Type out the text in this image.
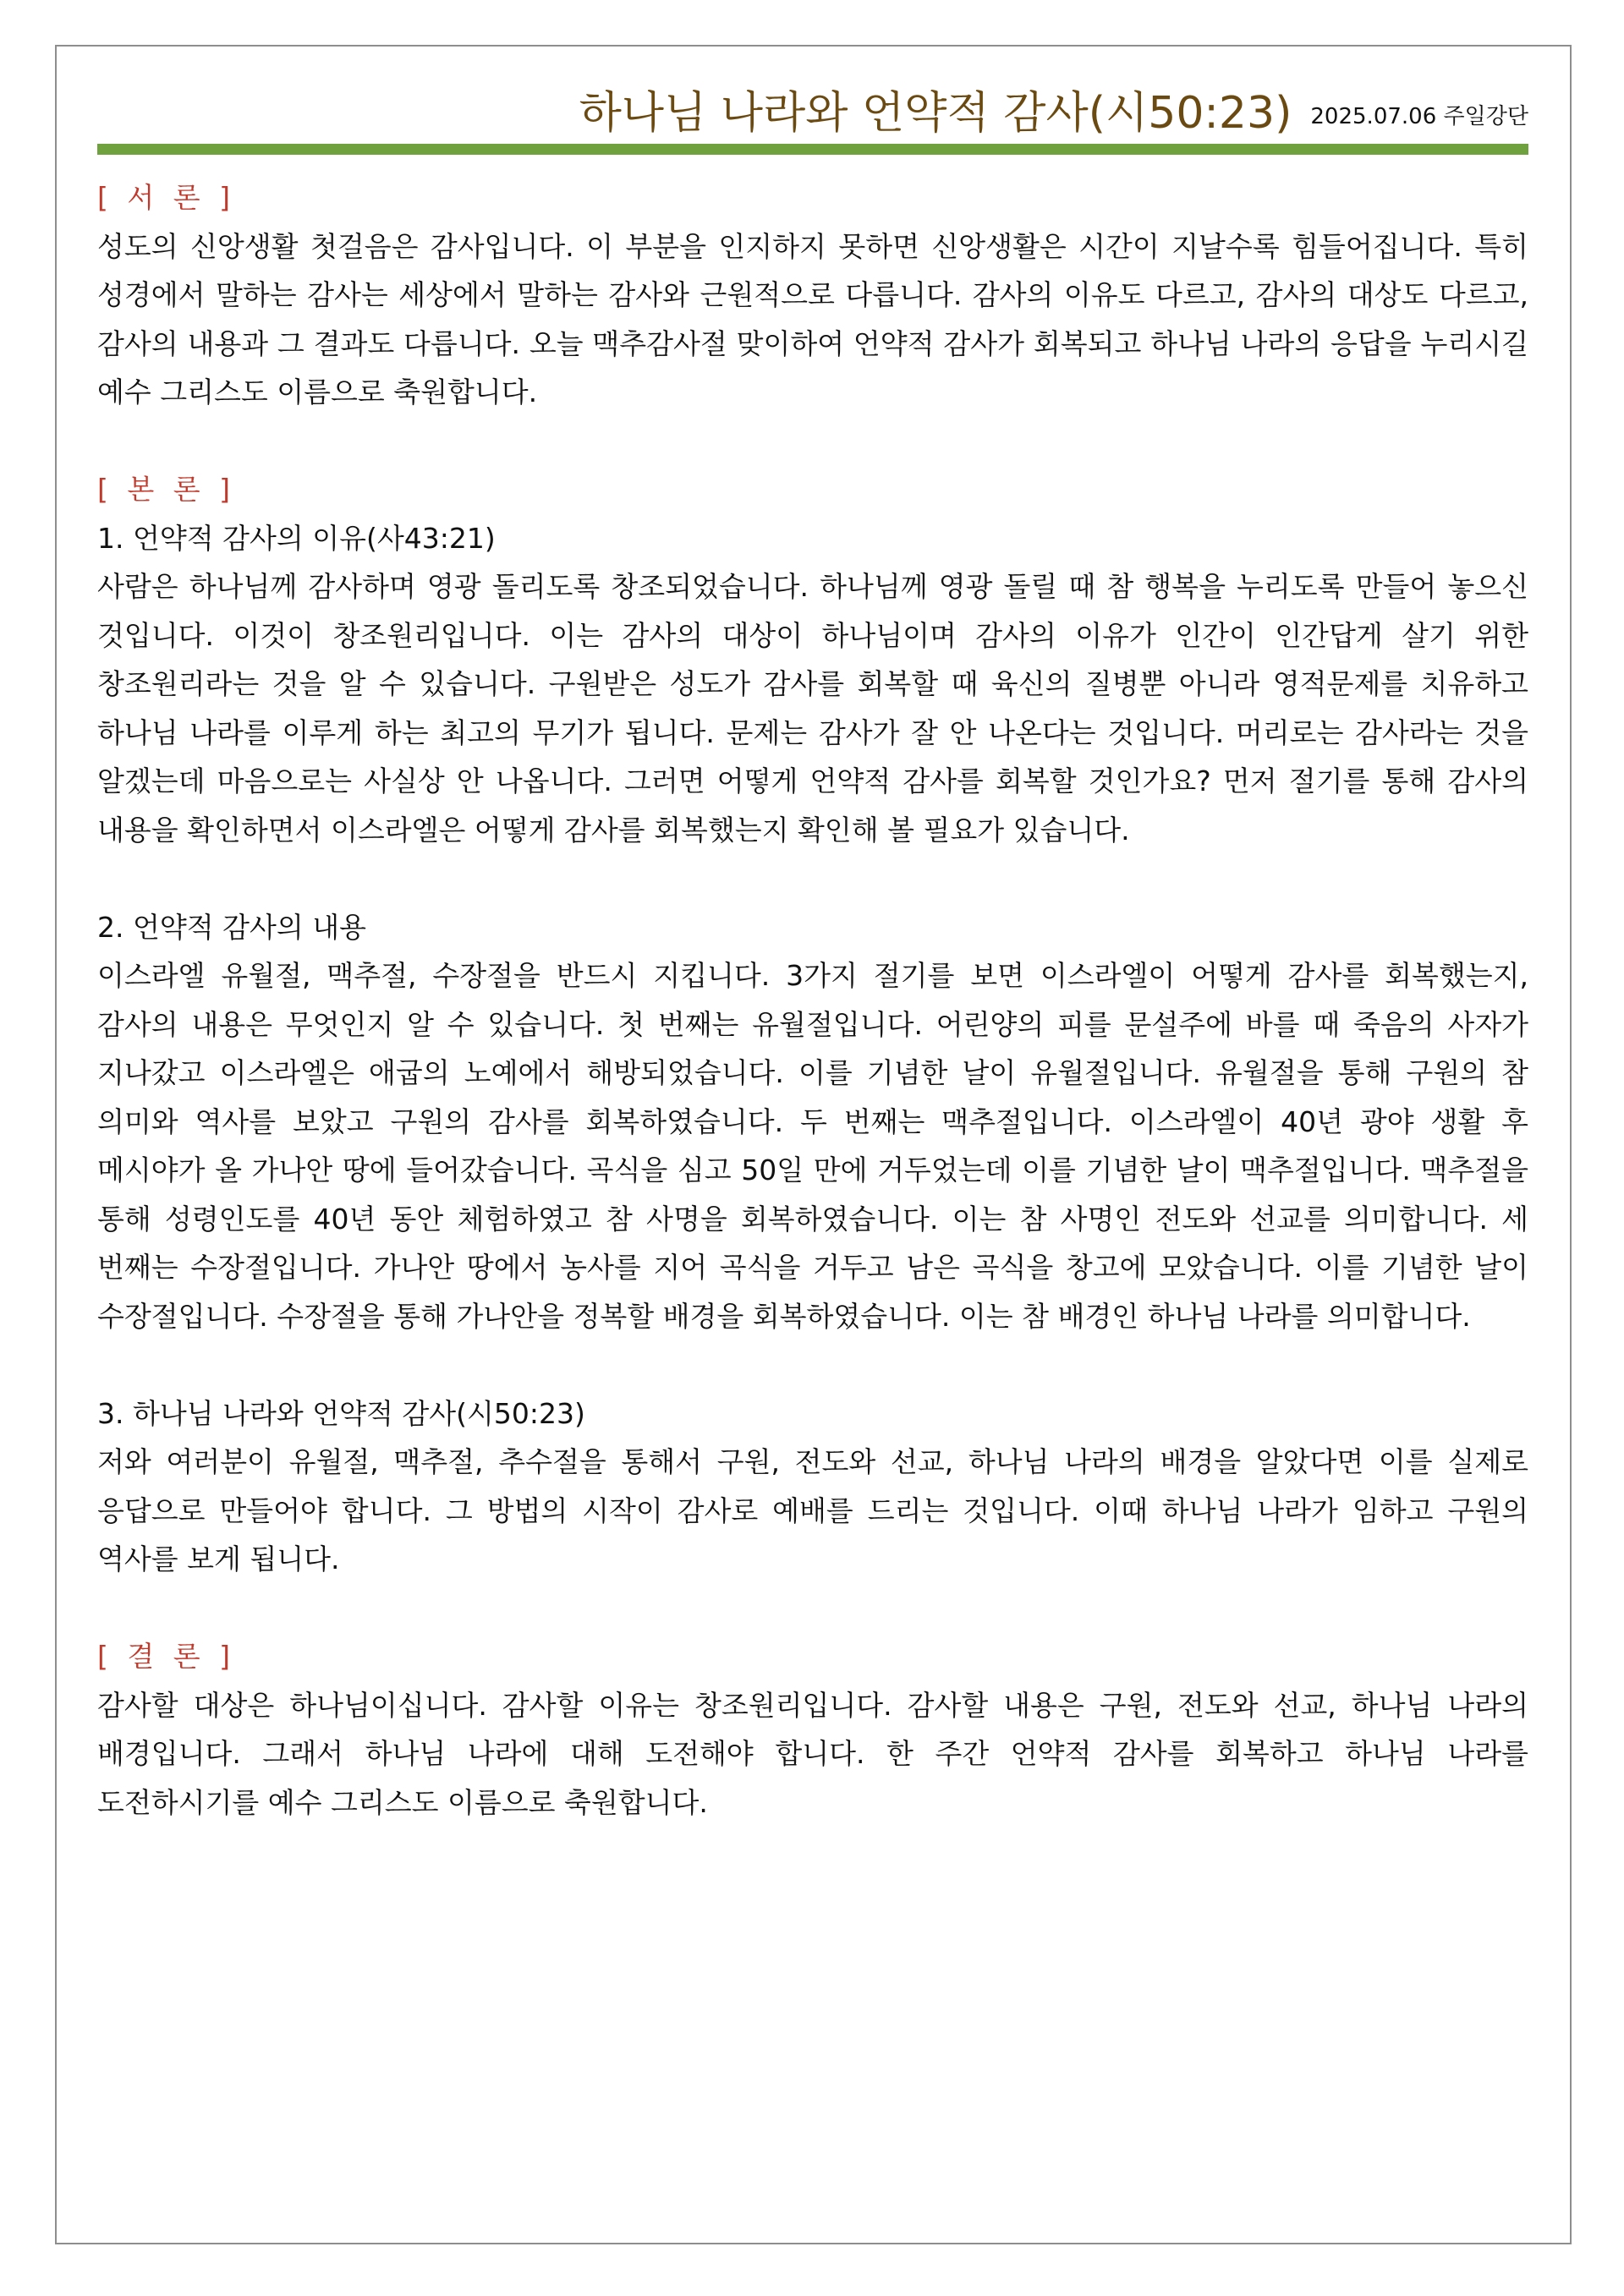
하나님 나라와 언약적 감사(시50:23) 2025.07.06 주일강단
[ 서 론 ]

성도의 신앙생활 첫걸음은 감사입니다. 이 부분을 인지하지 못하면 신앙생활은 시간이 지날수록 힘들어집니다. 특히 성경에서 말하는 감사는 세상에서 말하는 감사와 근원적으로 다릅니다. 감사의 이유도 다르고, 감사의 대상도 다르고, 감사의 내용과 그 결과도 다릅니다. 오늘 맥추감사절 맞이하여 언약적 감사가 회복되고 하나님 나라의 응답을 누리시길 예수 그리스도 이름으로 축원합니다.

[ 본 론 ]

1. 언약적 감사의 이유(사43:21)

사람은 하나님께 감사하며 영광 돌리도록 창조되었습니다. 하나님께 영광 돌릴 때 참 행복을 누리도록 만들어 놓으신 것입니다. 이것이 창조원리입니다. 이는 감사의 대상이 하나님이며 감사의 이유가 인간이 인간답게 살기 위한 창조원리라는 것을 알 수 있습니다. 구원받은 성도가 감사를 회복할 때 육신의 질병뿐 아니라 영적문제를 치유하고 하나님 나라를 이루게 하는 최고의 무기가 됩니다. 문제는 감사가 잘 안 나온다는 것입니다. 머리로는 감사라는 것을 알겠는데 마음으로는 사실상 안 나옵니다. 그러면 어떻게 언약적 감사를 회복할 것인가요? 먼저 절기를 통해 감사의 내용을 확인하면서 이스라엘은 어떻게 감사를 회복했는지 확인해 볼 필요가 있습니다.

2. 언약적 감사의 내용

이스라엘 유월절, 맥추절, 수장절을 반드시 지킵니다. 3가지 절기를 보면 이스라엘이 어떻게 감사를 회복했는지, 감사의 내용은 무엇인지 알 수 있습니다. 첫 번째는 유월절입니다. 어린양의 피를 문설주에 바를 때 죽음의 사자가 지나갔고 이스라엘은 애굽의 노예에서 해방되었습니다. 이를 기념한 날이 유월절입니다. 유월절을 통해 구원의 참 의미와 역사를 보았고 구원의 감사를 회복하였습니다. 두 번째는 맥추절입니다. 이스라엘이 40년 광야 생활 후 메시야가 올 가나안 땅에 들어갔습니다. 곡식을 심고 50일 만에 거두었는데 이를 기념한 날이 맥추절입니다. 맥추절을 통해 성령인도를 40년 동안 체험하였고 참 사명을 회복하였습니다. 이는 참 사명인 전도와 선교를 의미합니다. 세 번째는 수장절입니다. 가나안 땅에서 농사를 지어 곡식을 거두고 남은 곡식을 창고에 모았습니다. 이를 기념한 날이 수장절입니다. 수장절을 통해 가나안을 정복할 배경을 회복하였습니다. 이는 참 배경인 하나님 나라를 의미합니다.

3. 하나님 나라와 언약적 감사(시50:23)

저와 여러분이 유월절, 맥추절, 추수절을 통해서 구원, 전도와 선교, 하나님 나라의 배경을 알았다면 이를 실제로 응답으로 만들어야 합니다. 그 방법의 시작이 감사로 예배를 드리는 것입니다. 이때 하나님 나라가 임하고 구원의 역사를 보게 됩니다.

[ 결 론 ]

감사할 대상은 하나님이십니다. 감사할 이유는 창조원리입니다. 감사할 내용은 구원, 전도와 선교, 하나님 나라의 배경입니다. 그래서 하나님 나라에 대해 도전해야 합니다. 한 주간 언약적 감사를 회복하고 하나님 나라를 도전하시기를 예수 그리스도 이름으로 축원합니다.
